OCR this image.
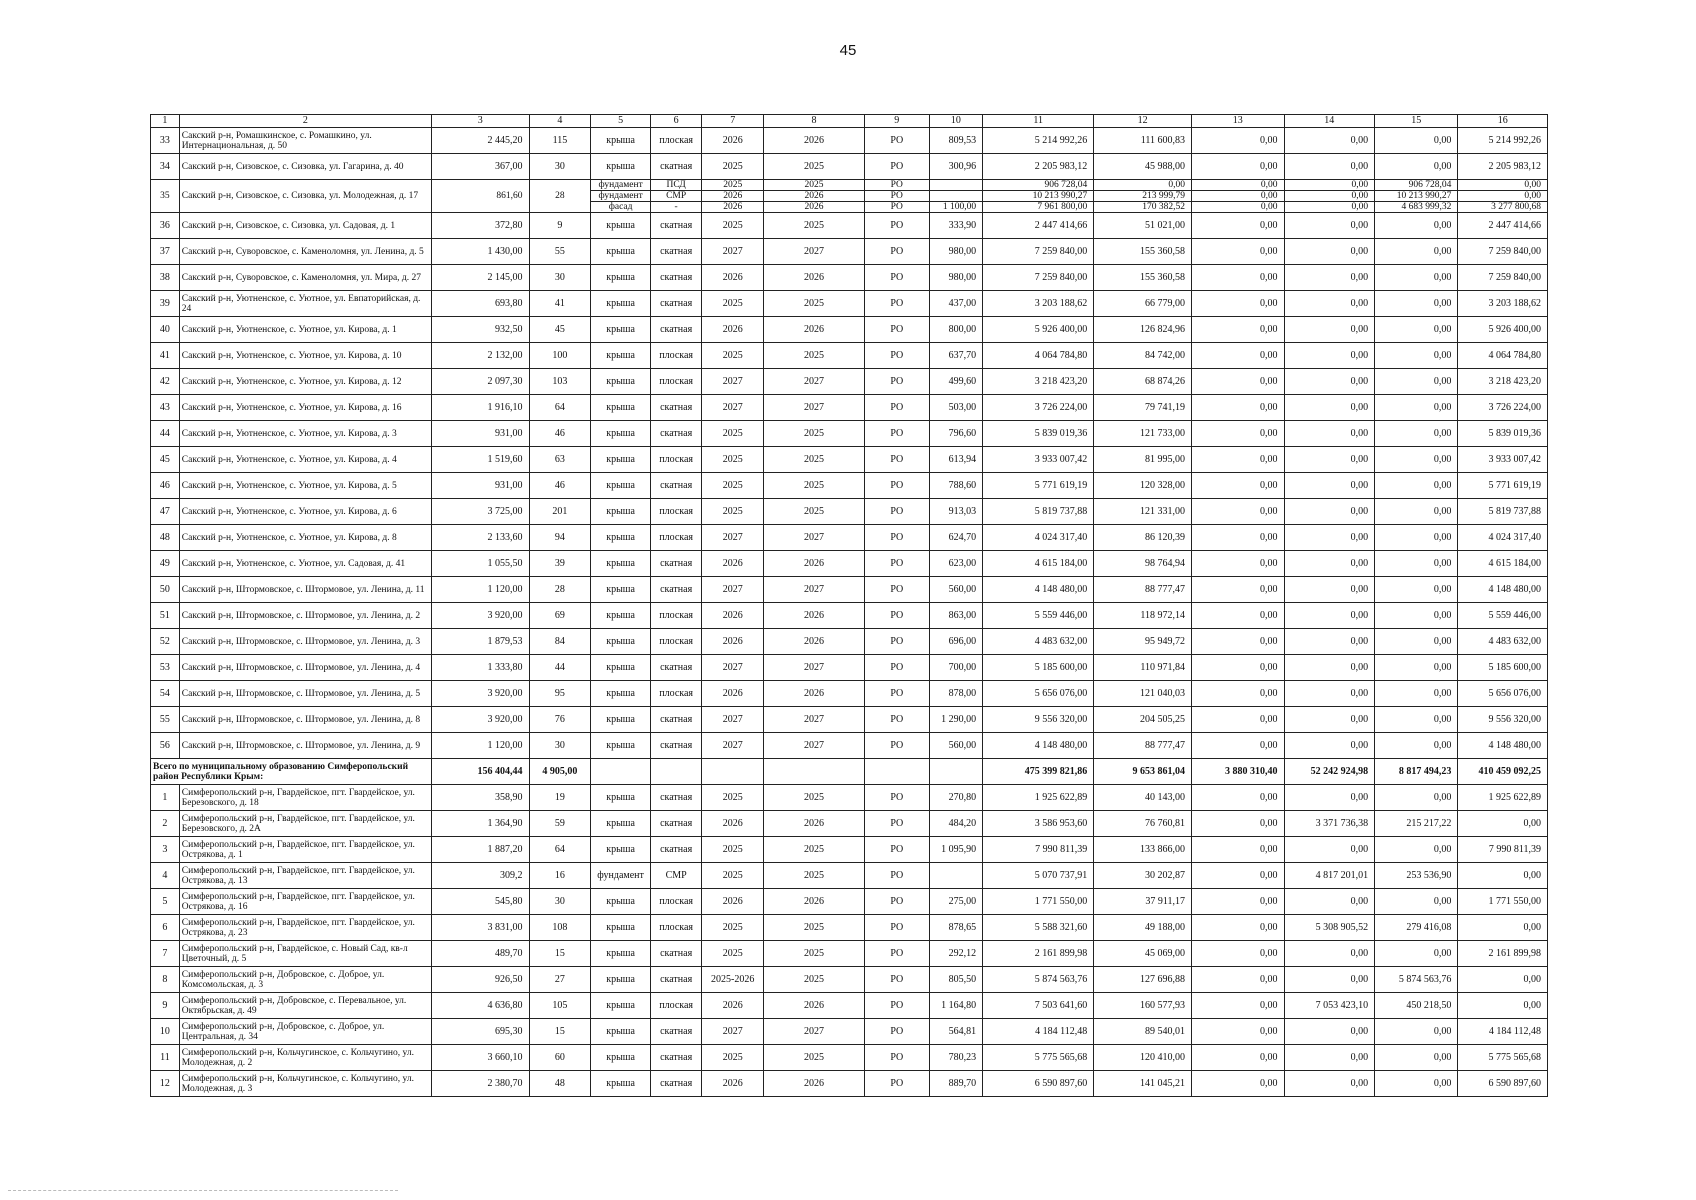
45
1	2	3	4	5	6	7	8	9	10	11	12	13	14	15	16
33	Сакский р-н, Ромашкинское, с. Ромашкино, ул. Интернациональная, д. 50	2 445,20	115	крыша	плоская	2026	2026	РО	809,53	5 214 992,26	111 600,83	0,00	0,00	0,00	5 214 992,26
34	Сакский р-н, Сизовское, с. Сизовка, ул. Гагарина, д. 40	367,00	30	крыша	скатная	2025	2025	РО	300,96	2 205 983,12	45 988,00	0,00	0,00	0,00	2 205 983,12
35	Сакский р-н, Сизовское, с. Сизовка, ул. Молодежная, д. 17	861,60	28	фундамент	ПСД	2025	2025	РО		906 728,04	0,00	0,00	0,00	906 728,04	0,00
				фундамент	СМР	2026	2026	РО		10 213 990,27	213 999,79	0,00	0,00	10 213 990,27	0,00
				фасад	-	2026	2026	РО	1 100,00	7 961 800,00	170 382,52	0,00	0,00	4 683 999,32	3 277 800,68
36	Сакский р-н, Сизовское, с. Сизовка, ул. Садовая, д. 1	372,80	9	крыша	скатная	2025	2025	РО	333,90	2 447 414,66	51 021,00	0,00	0,00	0,00	2 447 414,66
37	Сакский р-н, Суворовское, с. Каменоломня, ул. Ленина, д. 5	1 430,00	55	крыша	скатная	2027	2027	РО	980,00	7 259 840,00	155 360,58	0,00	0,00	0,00	7 259 840,00
38	Сакский р-н, Суворовское, с. Каменоломня, ул. Мира, д. 27	2 145,00	30	крыша	скатная	2026	2026	РО	980,00	7 259 840,00	155 360,58	0,00	0,00	0,00	7 259 840,00
39	Сакский р-н, Уютненское, с. Уютное, ул. Евпаторийская, д. 24	693,80	41	крыша	скатная	2025	2025	РО	437,00	3 203 188,62	66 779,00	0,00	0,00	0,00	3 203 188,62
40	Сакский р-н, Уютненское, с. Уютное, ул. Кирова, д. 1	932,50	45	крыша	скатная	2026	2026	РО	800,00	5 926 400,00	126 824,96	0,00	0,00	0,00	5 926 400,00
41	Сакский р-н, Уютненское, с. Уютное, ул. Кирова, д. 10	2 132,00	100	крыша	плоская	2025	2025	РО	637,70	4 064 784,80	84 742,00	0,00	0,00	0,00	4 064 784,80
42	Сакский р-н, Уютненское, с. Уютное, ул. Кирова, д. 12	2 097,30	103	крыша	плоская	2027	2027	РО	499,60	3 218 423,20	68 874,26	0,00	0,00	0,00	3 218 423,20
43	Сакский р-н, Уютненское, с. Уютное, ул. Кирова, д. 16	1 916,10	64	крыша	скатная	2027	2027	РО	503,00	3 726 224,00	79 741,19	0,00	0,00	0,00	3 726 224,00
44	Сакский р-н, Уютненское, с. Уютное, ул. Кирова, д. 3	931,00	46	крыша	скатная	2025	2025	РО	796,60	5 839 019,36	121 733,00	0,00	0,00	0,00	5 839 019,36
45	Сакский р-н, Уютненское, с. Уютное, ул. Кирова, д. 4	1 519,60	63	крыша	плоская	2025	2025	РО	613,94	3 933 007,42	81 995,00	0,00	0,00	0,00	3 933 007,42
46	Сакский р-н, Уютненское, с. Уютное, ул. Кирова, д. 5	931,00	46	крыша	скатная	2025	2025	РО	788,60	5 771 619,19	120 328,00	0,00	0,00	0,00	5 771 619,19
47	Сакский р-н, Уютненское, с. Уютное, ул. Кирова, д. 6	3 725,00	201	крыша	плоская	2025	2025	РО	913,03	5 819 737,88	121 331,00	0,00	0,00	0,00	5 819 737,88
48	Сакский р-н, Уютненское, с. Уютное, ул. Кирова, д. 8	2 133,60	94	крыша	плоская	2027	2027	РО	624,70	4 024 317,40	86 120,39	0,00	0,00	0,00	4 024 317,40
49	Сакский р-н, Уютненское, с. Уютное, ул. Садовая, д. 41	1 055,50	39	крыша	скатная	2026	2026	РО	623,00	4 615 184,00	98 764,94	0,00	0,00	0,00	4 615 184,00
50	Сакский р-н, Штормовское, с. Штормовое, ул. Ленина, д. 11	1 120,00	28	крыша	скатная	2027	2027	РО	560,00	4 148 480,00	88 777,47	0,00	0,00	0,00	4 148 480,00
51	Сакский р-н, Штормовское, с. Штормовое, ул. Ленина, д. 2	3 920,00	69	крыша	плоская	2026	2026	РО	863,00	5 559 446,00	118 972,14	0,00	0,00	0,00	5 559 446,00
52	Сакский р-н, Штормовское, с. Штормовое, ул. Ленина, д. 3	1 879,53	84	крыша	плоская	2026	2026	РО	696,00	4 483 632,00	95 949,72	0,00	0,00	0,00	4 483 632,00
53	Сакский р-н, Штормовское, с. Штормовое, ул. Ленина, д. 4	1 333,80	44	крыша	скатная	2027	2027	РО	700,00	5 185 600,00	110 971,84	0,00	0,00	0,00	5 185 600,00
54	Сакский р-н, Штормовское, с. Штормовое, ул. Ленина, д. 5	3 920,00	95	крыша	плоская	2026	2026	РО	878,00	5 656 076,00	121 040,03	0,00	0,00	0,00	5 656 076,00
55	Сакский р-н, Штормовское, с. Штормовое, ул. Ленина, д. 8	3 920,00	76	крыша	скатная	2027	2027	РО	1 290,00	9 556 320,00	204 505,25	0,00	0,00	0,00	9 556 320,00
56	Сакский р-н, Штормовское, с. Штормовое, ул. Ленина, д. 9	1 120,00	30	крыша	скатная	2027	2027	РО	560,00	4 148 480,00	88 777,47	0,00	0,00	0,00	4 148 480,00
Всего по муниципальному образованию Симферопольский район Республики Крым:		156 404,44	4 905,00							475 399 821,86	9 653 861,04	3 880 310,40	52 242 924,98	8 817 494,23	410 459 092,25
1	Симферопольский р-н, Гвардейское, пгт. Гвардейское, ул. Березовского, д. 18	358,90	19	крыша	скатная	2025	2025	РО	270,80	1 925 622,89	40 143,00	0,00	0,00	0,00	1 925 622,89
2	Симферопольский р-н, Гвардейское, пгт. Гвардейское, ул. Березовского, д. 2А	1 364,90	59	крыша	скатная	2026	2026	РО	484,20	3 586 953,60	76 760,81	0,00	3 371 736,38	215 217,22	0,00
3	Симферопольский р-н, Гвардейское, пгт. Гвардейское, ул. Острякова, д. 1	1 887,20	64	крыша	скатная	2025	2025	РО	1 095,90	7 990 811,39	133 866,00	0,00	0,00	0,00	7 990 811,39
4	Симферопольский р-н, Гвардейское, пгт. Гвардейское, ул. Острякова, д. 13	309,2	16	фундамент	СМР	2025	2025	РО		5 070 737,91	30 202,87	0,00	4 817 201,01	253 536,90	0,00
5	Симферопольский р-н, Гвардейское, пгт. Гвардейское, ул. Острякова, д. 16	545,80	30	крыша	плоская	2026	2026	РО	275,00	1 771 550,00	37 911,17	0,00	0,00	0,00	1 771 550,00
6	Симферопольский р-н, Гвардейское, пгт. Гвардейское, ул. Острякова, д. 23	3 831,00	108	крыша	плоская	2025	2025	РО	878,65	5 588 321,60	49 188,00	0,00	5 308 905,52	279 416,08	0,00
7	Симферопольский р-н, Гвардейское, с. Новый Сад, кв-л Цветочный, д. 5	489,70	15	крыша	скатная	2025	2025	РО	292,12	2 161 899,98	45 069,00	0,00	0,00	0,00	2 161 899,98
8	Симферопольский р-н, Добровское, с. Доброе, ул. Комсомольская, д. 3	926,50	27	крыша	скатная	2025-2026	2025	РО	805,50	5 874 563,76	127 696,88	0,00	0,00	5 874 563,76	0,00
9	Симферопольский р-н, Добровское, с. Перевальное, ул. Октябрьская, д. 49	4 636,80	105	крыша	плоская	2026	2026	РО	1 164,80	7 503 641,60	160 577,93	0,00	7 053 423,10	450 218,50	0,00
10	Симферопольский р-н, Добровское, с. Доброе, ул. Центральная, д. 34	695,30	15	крыша	скатная	2027	2027	РО	564,81	4 184 112,48	89 540,01	0,00	0,00	0,00	4 184 112,48
11	Симферопольский р-н, Кольчугинское, с. Кольчугино, ул. Молодежная, д. 2	3 660,10	60	крыша	скатная	2025	2025	РО	780,23	5 775 565,68	120 410,00	0,00	0,00	0,00	5 775 565,68
12	Симферопольский р-н, Кольчугинское, с. Кольчугино, ул. Молодежная, д. 3	2 380,70	48	крыша	скатная	2026	2026	РО	889,70	6 590 897,60	141 045,21	0,00	0,00	0,00	6 590 897,60
